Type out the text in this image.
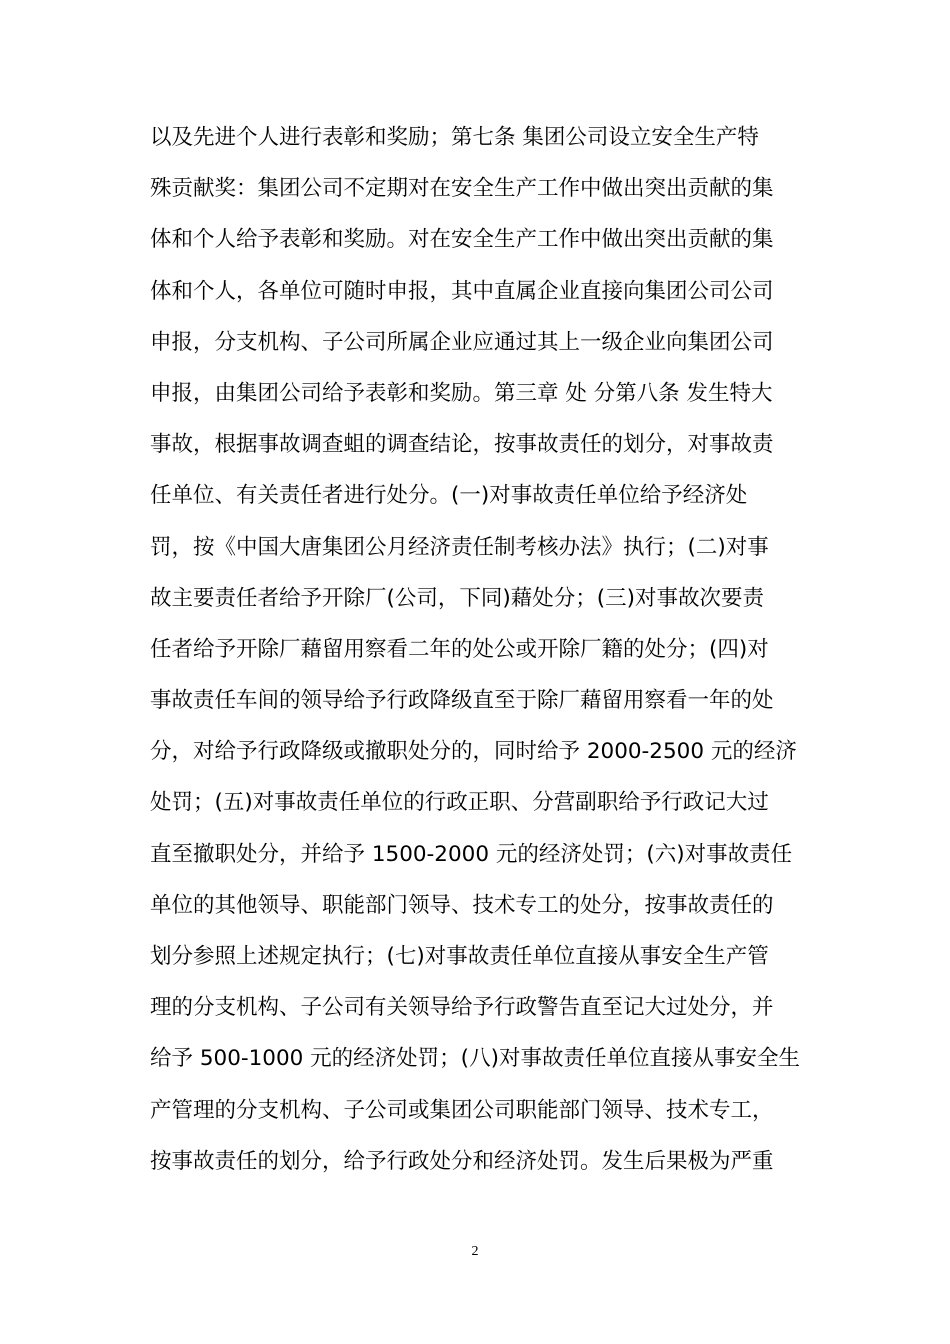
以及先进个人进行表彰和奖励；第七条 集团公司设立安全生产特
殊贡献奖：集团公司不定期对在安全生产工作中做出突出贡献的集
体和个人给予表彰和奖励。对在安全生产工作中做出突出贡献的集
体和个人，各单位可随时申报，其中直属企业直接向集团公司公司
申报，分支机构、子公司所属企业应通过其上一级企业向集团公司
申报，由集团公司给予表彰和奖励。第三章 处 分第八条 发生特大
事故，根据事故调查蛆的调查结论，按事故责任的划分，对事故责
任单位、有关责任者进行处分。(一)对事故责任单位给予经济处
罚，按《中国大唐集团公月经济责任制考核办法》执行；(二)对事
故主要责任者给予开除厂(公司，下同)藉处分；(三)对事故次要责
任者给予开除厂藉留用察看二年的处公或开除厂籍的处分；(四)对
事故责任车间的领导给予行政降级直至于除厂藉留用察看一年的处
分，对给予行政降级或撤职处分的，同时给予 2000-2500 元的经济
处罚；(五)对事故责任单位的行政正职、分营副职给予行政记大过
直至撤职处分，并给予 1500-2000 元的经济处罚；(六)对事故责任
单位的其他领导、职能部门领导、技术专工的处分，按事故责任的
划分参照上述规定执行；(七)对事故责任单位直接从事安全生产管
理的分支机构、子公司有关领导给予行政警告直至记大过处分，并
给予 500-1000 元的经济处罚；(八)对事故责任单位直接从事安全生
产管理的分支机构、子公司或集团公司职能部门领导、技术专工，
按事故责任的划分，给予行政处分和经济处罚。发生后果极为严重
2
